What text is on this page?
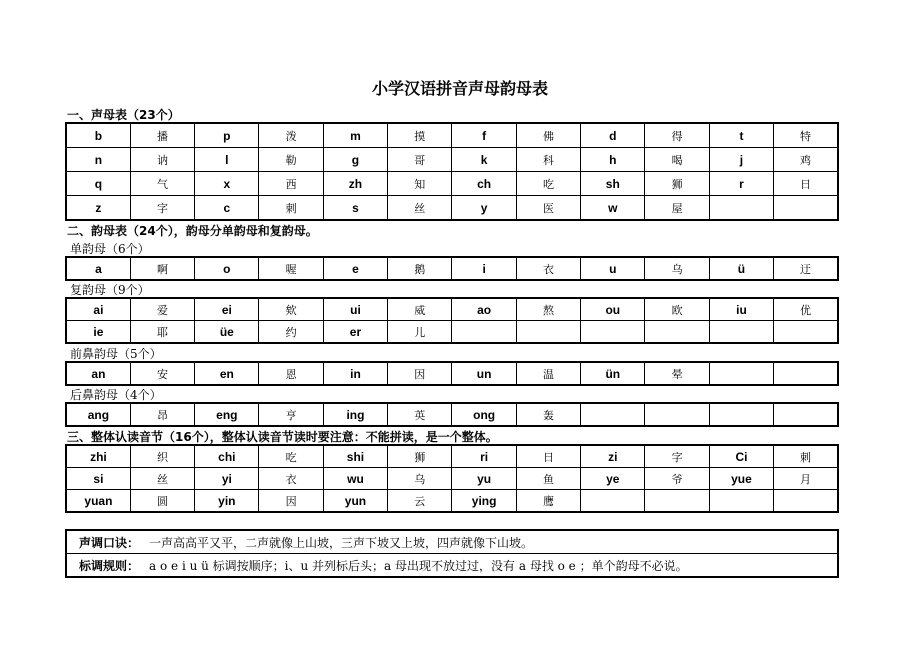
小学汉语拼音声母韵母表
一、声母表（23个）
b	播	p	泼	m	摸	f	佛	d	得	t	特
n	讷	l	勒	g	哥	k	科	h	喝	j	鸡
q	气	x	西	zh	知	ch	吃	sh	狮	r	日
z	字	c	刺	s	丝	y	医	w	屋		
二、韵母表（24个），韵母分单韵母和复韵母。
单韵母（6个）
a	啊	o	喔	e	鹅	i	衣	u	乌	ü	迂
复韵母（9个）
ai	爱	ei	欸	ui	威	ao	熬	ou	欧	iu	优
ie	耶	üe	约	er	儿						
前鼻韵母（5个）
an	安	en	恩	in	因	un	温	ün	晕		
后鼻韵母（4个）
ang	昂	eng	亨	ing	英	ong	轰				
三、整体认读音节（16个），整体认读音节读时要注意：不能拼读，是一个整体。
zhi	织	chi	吃	shi	狮	ri	日	zi	字	Ci	刺
si	丝	yi	衣	wu	乌	yu	鱼	ye	爷	yue	月
yuan	圆	yin	因	yun	云	ying	鹰				
声调口诀： 一声高高平又平，二声就像上山坡，三声下坡又上坡，四声就像下山坡。
标调规则： a o e i u ü 标调按顺序；i、u 并列标后头；a 母出现不放过过，没有 a 母找 o e ；单个韵母不必说。
